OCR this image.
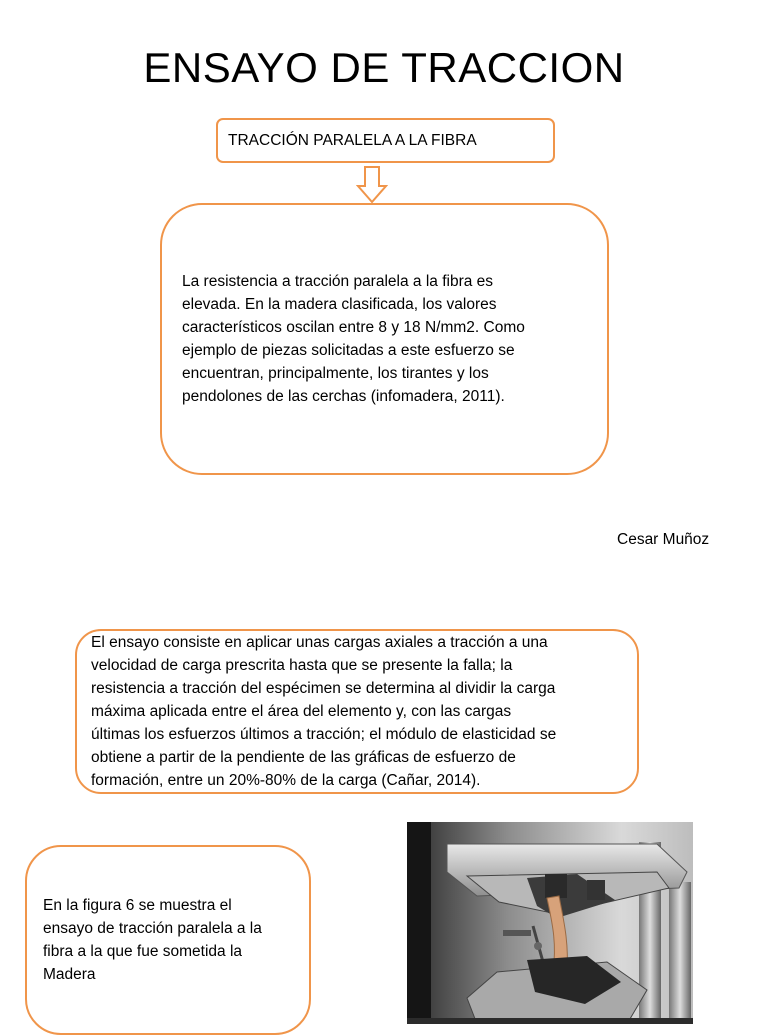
ENSAYO DE TRACCION
TRACCIÓN PARALELA A LA FIBRA
La resistencia a tracción paralela a la fibra es
elevada. En la madera clasificada, los valores
característicos oscilan entre 8 y 18 N/mm2. Como
ejemplo de piezas solicitadas a este esfuerzo se
encuentran, principalmente, los tirantes y los
pendolones de las cerchas (infomadera, 2011).
Cesar Muñoz
El ensayo consiste en aplicar unas cargas axiales a tracción a una
velocidad de carga prescrita hasta que se presente la falla; la
resistencia a tracción del espécimen se determina al dividir la carga
máxima aplicada entre el área del elemento y, con las cargas
últimas los esfuerzos últimos a tracción; el módulo de elasticidad se
obtiene a partir de la pendiente de las gráficas de esfuerzo de
formación, entre un 20%-80% de la carga (Cañar, 2014).
En la figura 6 se muestra el
ensayo de tracción paralela a la
fibra a la que fue sometida la
Madera
